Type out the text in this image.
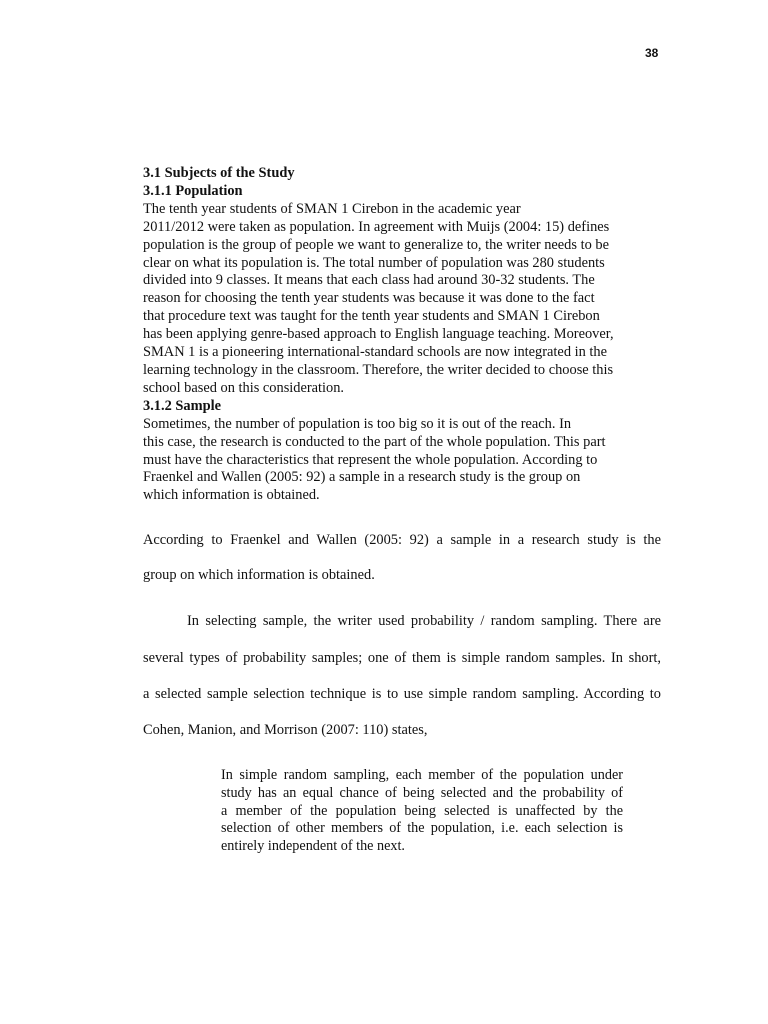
38
3.1 Subjects of the Study
3.1.1 Population
The tenth year students of SMAN 1 Cirebon in the academic year
2011/2012 were taken as population. In agreement with Muijs (2004: 15) defines
population is the group of people we want to generalize to, the writer needs to be
clear on what its population is. The total number of population was 280 students
divided into 9 classes. It means that each class had around 30-32 students. The
reason for choosing the tenth year students was because it was done to the fact
that procedure text was taught for the tenth year students and SMAN 1 Cirebon
has been applying genre-based approach to English language teaching. Moreover,
SMAN 1 is a pioneering international-standard schools are now integrated in the
learning technology in the classroom. Therefore, the writer decided to choose this
school based on this consideration.
3.1.2 Sample
Sometimes, the number of population is too big so it is out of the reach. In
this case, the research is conducted to the part of the whole population. This part
must have the characteristics that represent the whole population. According to
Fraenkel and Wallen (2005: 92) a sample in a research study is the group on
which information is obtained.
According to Fraenkel and Wallen (2005: 92) a sample in a research study is the
group on which information is obtained.
In selecting sample, the writer used probability / random sampling. There are
several types of probability samples; one of them is simple random samples. In short,
a selected sample selection technique is to use simple random sampling. According to
Cohen, Manion, and Morrison (2007: 110) states,
In simple random sampling, each member of the population under
study has an equal chance of being selected and the probability of
a member of the population being selected is unaffected by the
selection of other members of the population, i.e. each selection is
entirely independent of the next.
